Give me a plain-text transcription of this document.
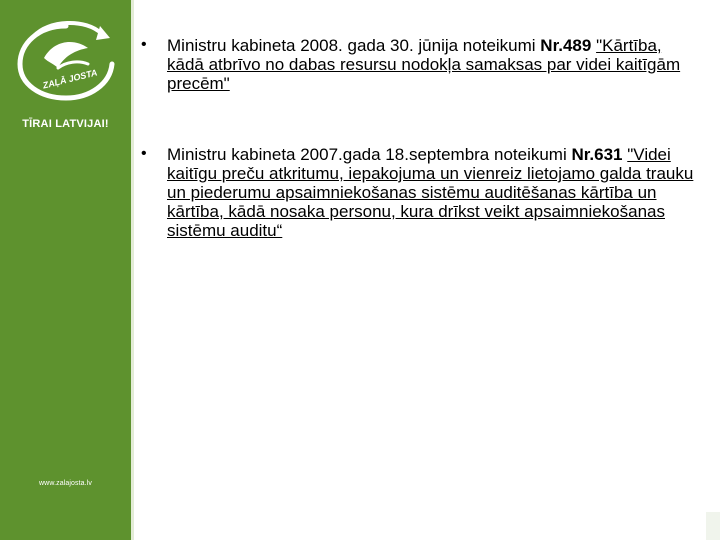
ZAĻĀ JOSTA
TĪRAI LATVIJAI!
www.zalajosta.lv
•	Ministru kabineta 2008. gada 30. jūnija noteikumi Nr.489 "Kārtība, kādā atbrīvo no dabas resursu nodokļa samaksas par videi kaitīgām precēm"
•	Ministru kabineta 2007.gada 18.septembra noteikumi Nr.631 "Videi kaitīgu preču atkritumu, iepakojuma un vienreiz lietojamo galda trauku un piederumu apsaimniekošanas sistēmu auditēšanas kārtība un kārtība, kādā nosaka personu, kura drīkst veikt apsaimniekošanas sistēmu auditu“
